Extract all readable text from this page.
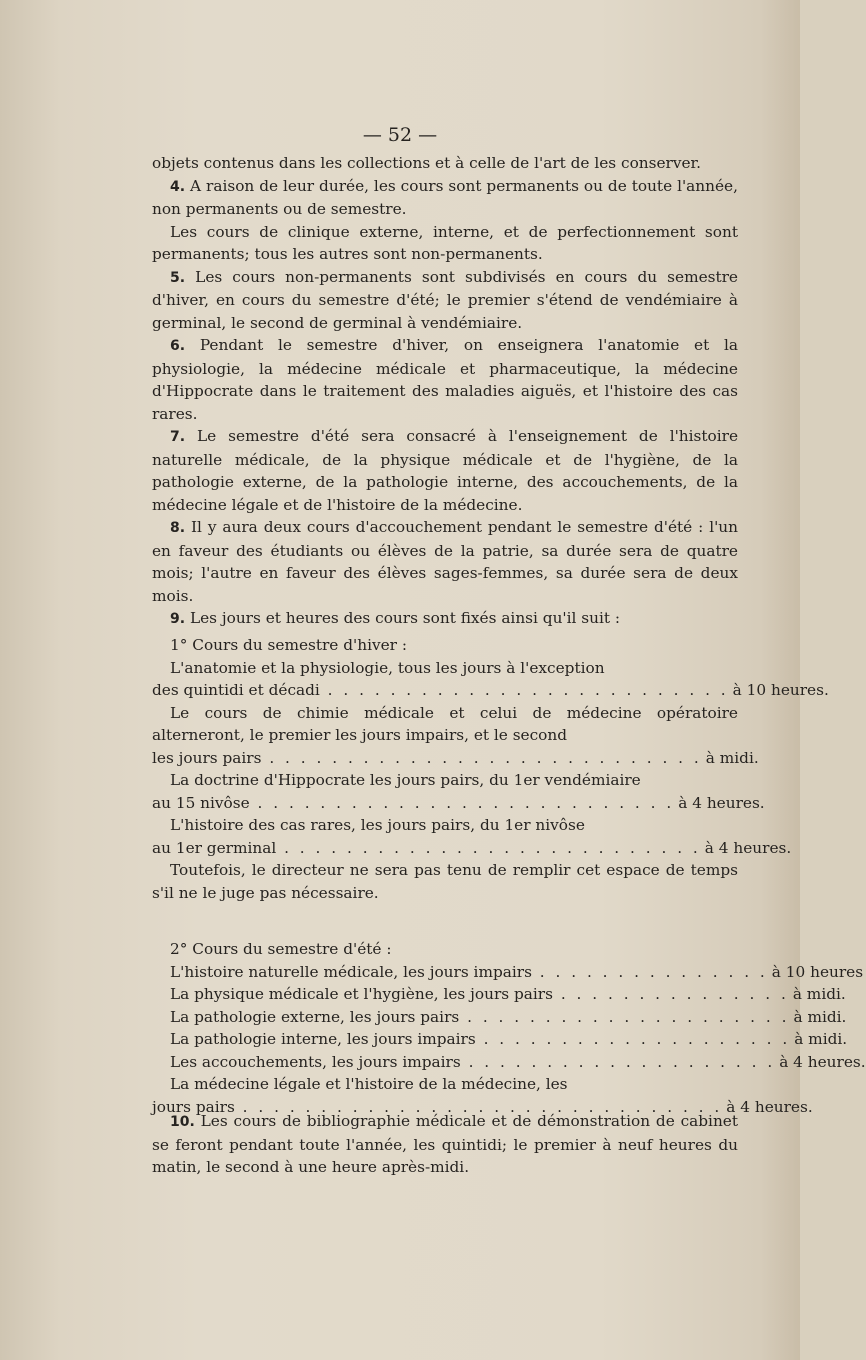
— 52 —

objets contenus dans les collections et à celle de l'art de les conserver.

4. A raison de leur durée, les cours sont permanents ou de toute l'année, non permanents ou de semestre.

Les cours de clinique externe, interne, et de perfectionnement sont permanents; tous les autres sont non-permanents.

5. Les cours non-permanents sont subdivisés en cours du semestre d'hiver, en cours du semestre d'été; le premier s'étend de vendémiaire à germinal, le second de germinal à vendémiaire.

6. Pendant le semestre d'hiver, on enseignera l'anatomie et la physiologie, la médecine médicale et pharmaceutique, la médecine d'Hippocrate dans le traitement des maladies aiguës, et l'histoire des cas rares.

7. Le semestre d'été sera consacré à l'enseignement de l'histoire naturelle médicale, de la physique médicale et de l'hygiène, de la pathologie externe, de la pathologie interne, des accouchements, de la médecine légale et de l'histoire de la médecine.

8. Il y aura deux cours d'accouchement pendant le semestre d'été : l'un en faveur des étudiants ou élèves de la patrie, sa durée sera de quatre mois; l'autre en faveur des élèves sages-femmes, sa durée sera de deux mois.

9. Les jours et heures des cours sont fixés ainsi qu'il suit :

1° Cours du semestre d'hiver :
L'anatomie et la physiologie, tous les jours à l'exception
des quintidi et décadi . . . . . . . . . . . . . . . . . . . . . . . . . . à 10 heures.

Le cours de chimie médicale et celui de médecine opératoire alterneront, le premier les jours impairs, et le second

les jours pairs . . . . . . . . . . . . . . . . . . . . . . . . . . . . à midi.

La doctrine d'Hippocrate les jours pairs, du 1er vendémiaire

au 15 nivôse . . . . . . . . . . . . . . . . . . . . . . . . . . . à 4 heures.
L'histoire des cas rares, les jours pairs, du 1er nivôse
au 1er germinal . . . . . . . . . . . . . . . . . . . . . . . . . . . à 4 heures.

Toutefois, le directeur ne sera pas tenu de remplir cet espace de temps s'il ne le juge pas nécessaire.

2° Cours du semestre d'été :
L'histoire naturelle médicale, les jours impairs . . . . . . . . . . . . . . . à 10 heures
La physique médicale et l'hygiène, les jours pairs . . . . . . . . . . . . . . . à midi.
La pathologie externe, les jours pairs . . . . . . . . . . . . . . . . . . . . . à midi.
La pathologie interne, les jours impairs . . . . . . . . . . . . . . . . . . . . à midi.
Les accouchements, les jours impairs . . . . . . . . . . . . . . . . . . . . à 4 heures.
La médecine légale et l'histoire de la médecine, les
jours pairs . . . . . . . . . . . . . . . . . . . . . . . . . . . . . . . à 4 heures.

10. Les cours de bibliographie médicale et de démonstration de cabinet se feront pendant toute l'année, les quintidi; le premier à neuf heures du matin, le second à une heure après-midi.
